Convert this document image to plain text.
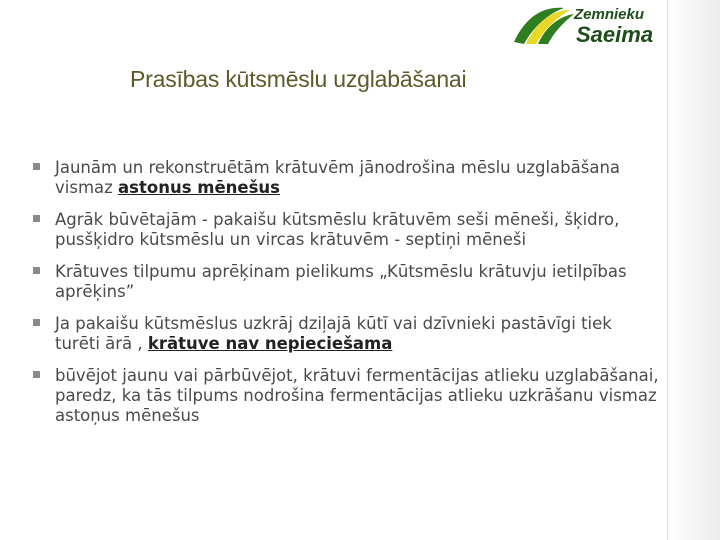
Zemnieku
Saeima
Prasības kūtsmēslu uzglabāšanai
Jaunām un rekonstruētām krātuvēm jānodrošina mēslu uzglabāšana vismaz astonus mēnešus
Agrāk būvētajām - pakaišu kūtsmēslu krātuvēm seši mēneši, šķidro, pusšķidro kūtsmēslu un vircas krātuvēm - septiņi mēneši
Krātuves tilpumu aprēķinam pielikums „Kūtsmēslu krātuvju ietilpības aprēķins”
Ja pakaišu kūtsmēslus uzkrāj dziļajā kūtī vai dzīvnieki pastāvīgi tiek turēti ārā , krātuve nav nepieciešama
būvējot jaunu vai pārbūvējot, krātuvi fermentācijas atlieku uzglabāšanai, paredz, ka tās tilpums nodrošina fermentācijas atlieku uzkrāšanu vismaz astoņus mēnešus
